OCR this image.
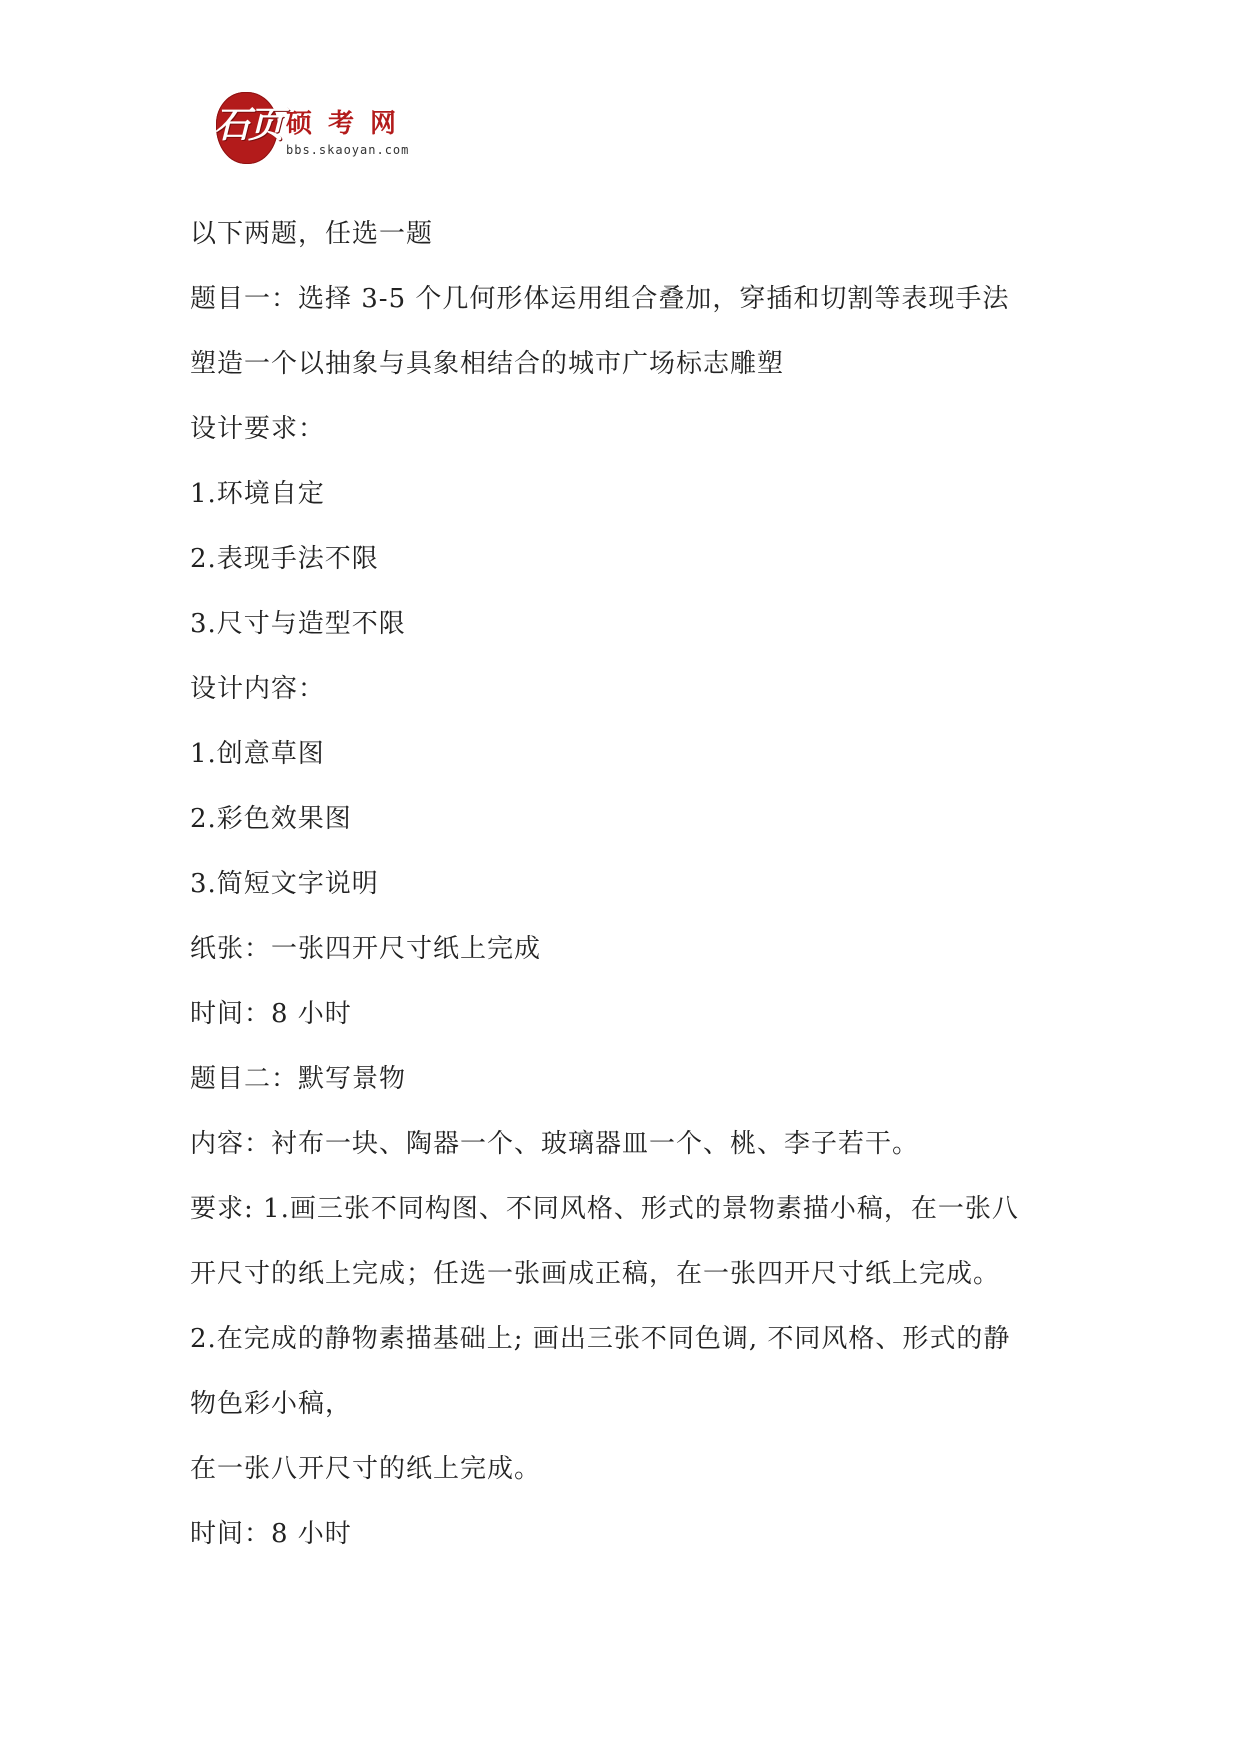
石页 硕考网
bbs.skaoyan.com
以下两题，任选一题
题目一：选择 3-5 个几何形体运用组合叠加，穿插和切割等表现手法
塑造一个以抽象与具象相结合的城市广场标志雕塑
设计要求：
1.环境自定
2.表现手法不限
3.尺寸与造型不限
设计内容：
1.创意草图
2.彩色效果图
3.简短文字说明
纸张：一张四开尺寸纸上完成
时间：8 小时
题目二：默写景物
内容：衬布一块、陶器一个、玻璃器皿一个、桃、李子若干。
要求: 1.画三张不同构图、不同风格、形式的景物素描小稿，在一张八
开尺寸的纸上完成；任选一张画成正稿，在一张四开尺寸纸上完成。
2.在完成的静物素描基础上; 画出三张不同色调, 不同风格、形式的静
物色彩小稿，
在一张八开尺寸的纸上完成。
时间：8 小时
